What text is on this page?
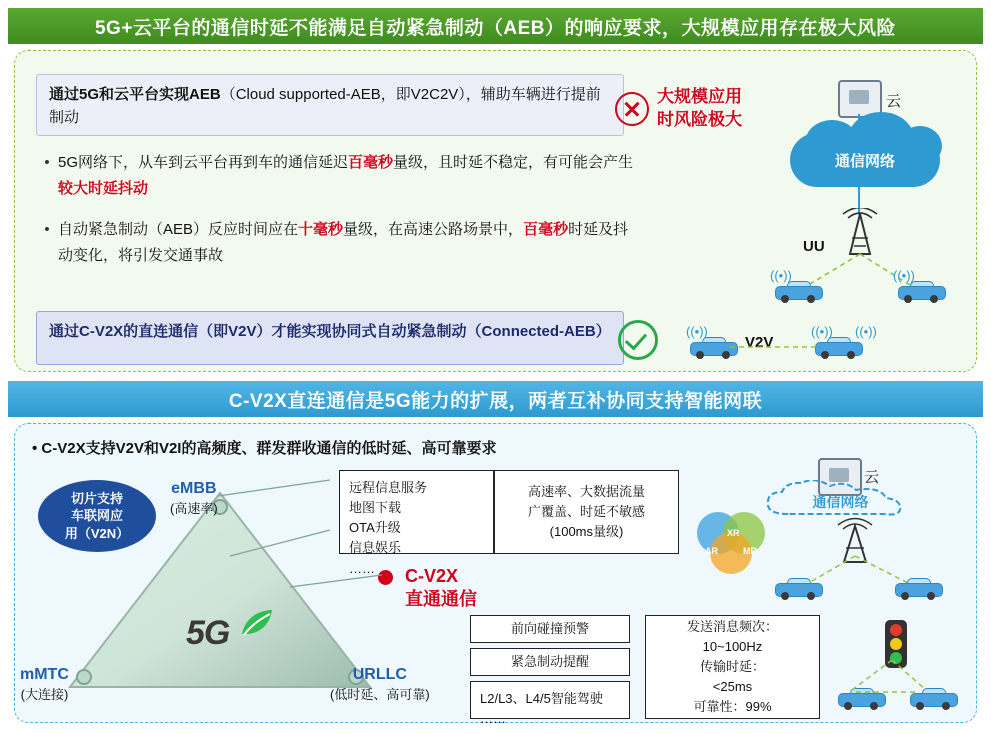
5G+云平台的通信时延不能满足自动紧急制动（AEB）的响应要求，大规模应用存在极大风险
通过5G和云平台实现AEB（Cloud supported-AEB，即V2C2V），辅助车辆进行提前制动
• 5G网络下，从车到云平台再到车的通信延迟百毫秒量级，且时延不稳定，有可能会产生较大时延抖动
• 自动紧急制动（AEB）反应时间应在十毫秒量级，在高速公路场景中，百毫秒时延及抖动变化，将引发交通事故
通过C-V2X的直连通信（即V2V）才能实现协同式自动紧急制动（Connected-AEB）
大规模应用
时风险极大
云
通信网络
UU
((•))	((•))
((•))	((•)) ((•))
V2V
C-V2X直连通信是5G能力的扩展，两者互补协同支持智能网联
• C-V2X支持V2V和V2I的高频度、群发群收通信的低时延、高可靠要求
5G
切片支持
车联网应
用（V2N）
eMBB
(高速率)
mMTC
(大连接)
URLLC
(低时延、高可靠)
远程信息服务
地图下载
OTA升级
信息娱乐
……
高速率、大数据流量
广覆盖、时延不敏感
(100ms量级)
C-V2X
直通通信
前向碰撞预警
紧急制动提醒
L2/L3、L4/5智能驾驶
……
发送消息频次：
10~100Hz
传输时延：
<25ms
可靠性：99%
XR
AR	MR
云
通信网络
